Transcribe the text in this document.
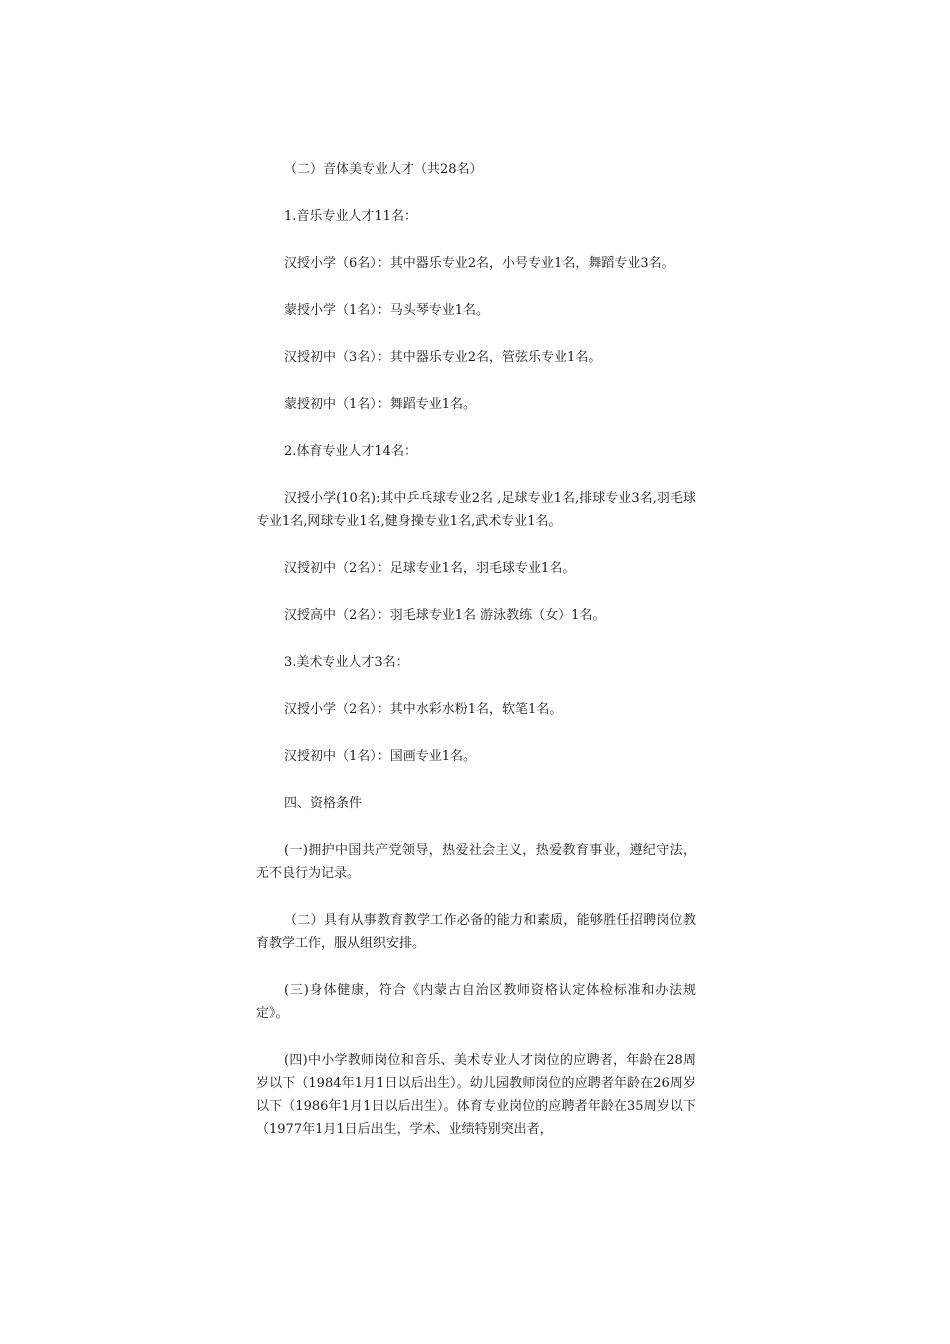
（二）音体美专业人才（共28名）

1.音乐专业人才11名：

汉授小学（6名）：其中器乐专业2名，小号专业1名，舞蹈专业3名。

蒙授小学（1名）：马头琴专业1名。

汉授初中（3名）：其中器乐专业2名，管弦乐专业1名。

蒙授初中（1名）：舞蹈专业1名。

2.体育专业人才14名：

汉授小学(10名):其中乒乓球专业2名 ,足球专业1名,排球专业3名,羽毛球专业1名,网球专业1名,健身操专业1名,武术专业1名。

汉授初中（2名）：足球专业1名，羽毛球专业1名。

汉授高中（2名）：羽毛球专业1名 游泳教练（女）1名。

3.美术专业人才3名：

汉授小学（2名）：其中水彩水粉1名，软笔1名。

汉授初中（1名）：国画专业1名。

四、资格条件

(一)拥护中国共产党领导，热爱社会主义，热爱教育事业，遵纪守法，无不良行为记录。

（二）具有从事教育教学工作必备的能力和素质，能够胜任招聘岗位教育教学工作，服从组织安排。

(三)身体健康，符合《内蒙古自治区教师资格认定体检标准和办法规定》。

(四)中小学教师岗位和音乐、美术专业人才岗位的应聘者，年龄在28周岁以下（1984年1月1日以后出生）。幼儿园教师岗位的应聘者年龄在26周岁以下（1986年1月1日以后出生）。体育专业岗位的应聘者年龄在35周岁以下（1977年1月1日后出生，学术、业绩特别突出者，
